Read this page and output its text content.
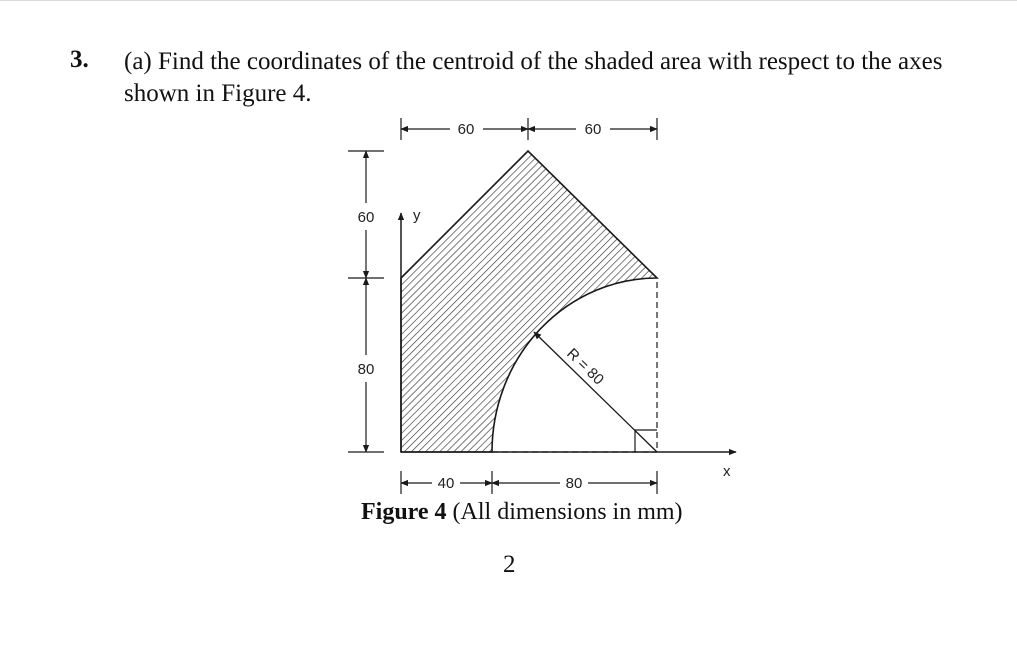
3. (a) Find the coordinates of the centroid of the shaded area with respect to the axes shown in Figure 4.
R = 80
y
x
60	60
60
80
40	80
Figure 4 (All dimensions in mm)
2
